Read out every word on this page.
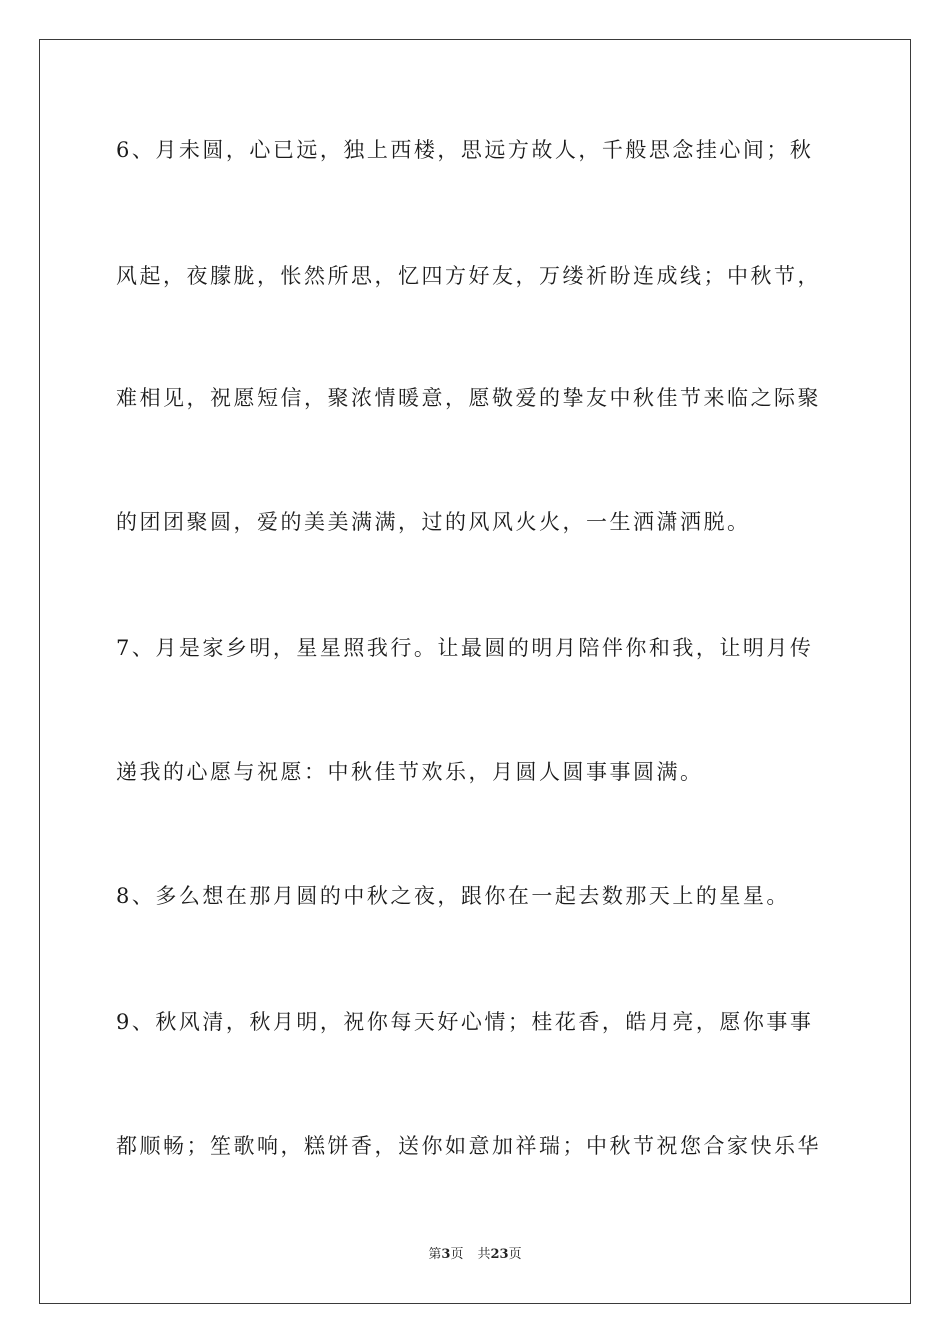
6、月未圆，心已远，独上西楼，思远方故人，千般思念挂心间；秋

风起，夜朦胧，怅然所思，忆四方好友，万缕祈盼连成线；中秋节，

难相见，祝愿短信，聚浓情暖意，愿敬爱的挚友中秋佳节来临之际聚

的团团聚圆，爱的美美满满，过的风风火火，一生洒潇洒脱。

7、月是家乡明，星星照我行。让最圆的明月陪伴你和我，让明月传

递我的心愿与祝愿：中秋佳节欢乐，月圆人圆事事圆满。

8、多么想在那月圆的中秋之夜，跟你在一起去数那天上的星星。

9、秋风清，秋月明，祝你每天好心情；桂花香，皓月亮，愿你事事

都顺畅；笙歌响，糕饼香，送你如意加祥瑞；中秋节祝您合家快乐华

第3页 共23页
